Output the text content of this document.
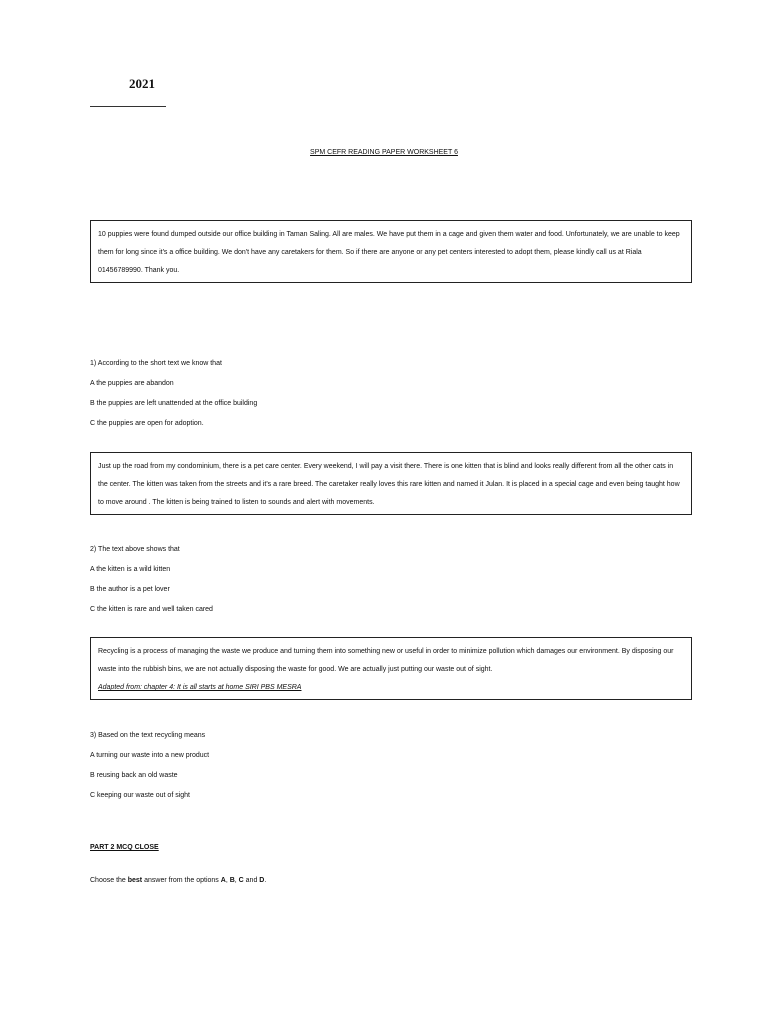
2021
SPM CEFR READING PAPER WORKSHEET 6

10 puppies were found dumped outside our office building in Taman Saling. All are males. We have put them in a cage and given them water and food. Unfortunately, we are unable to keep them for long since it's a office building. We don't have any caretakers for them. So if there are anyone or any pet centers interested to adopt them, please kindly call us at Riala 01456789990. Thank you.

1) According to the short text we know that
A the puppies are abandon
B the puppies are left unattended at the office building
C the puppies are open for adoption.

Just up the road from my condominium, there is a pet care center. Every weekend, I will pay a visit there. There is one kitten that is blind and looks really different from all the other cats in the center. The kitten was taken from the streets and it's a rare breed. The caretaker really loves this rare kitten and named it Julan. It is placed in a special cage and even being taught how to move around . The kitten is being trained to listen to sounds and alert with movements.

2) The text above shows that
A the kitten is a wild kitten
B the author is a pet lover
C the kitten is rare and well taken cared

Recycling is a process of managing the waste we produce and turning them into something new or useful in order to minimize pollution which damages our environment. By disposing our waste into the rubbish bins, we are not actually disposing the waste for good. We are actually just putting our waste out of sight.

Adapted from: chapter 4: It is all starts at home SIRI PBS MESRA

3) Based on the text recycling means
A turning our waste into a new product
B reusing back an old waste
C keeping our waste out of sight
PART 2 MCQ CLOSE
Choose the best answer from the options A, B, C and D.
